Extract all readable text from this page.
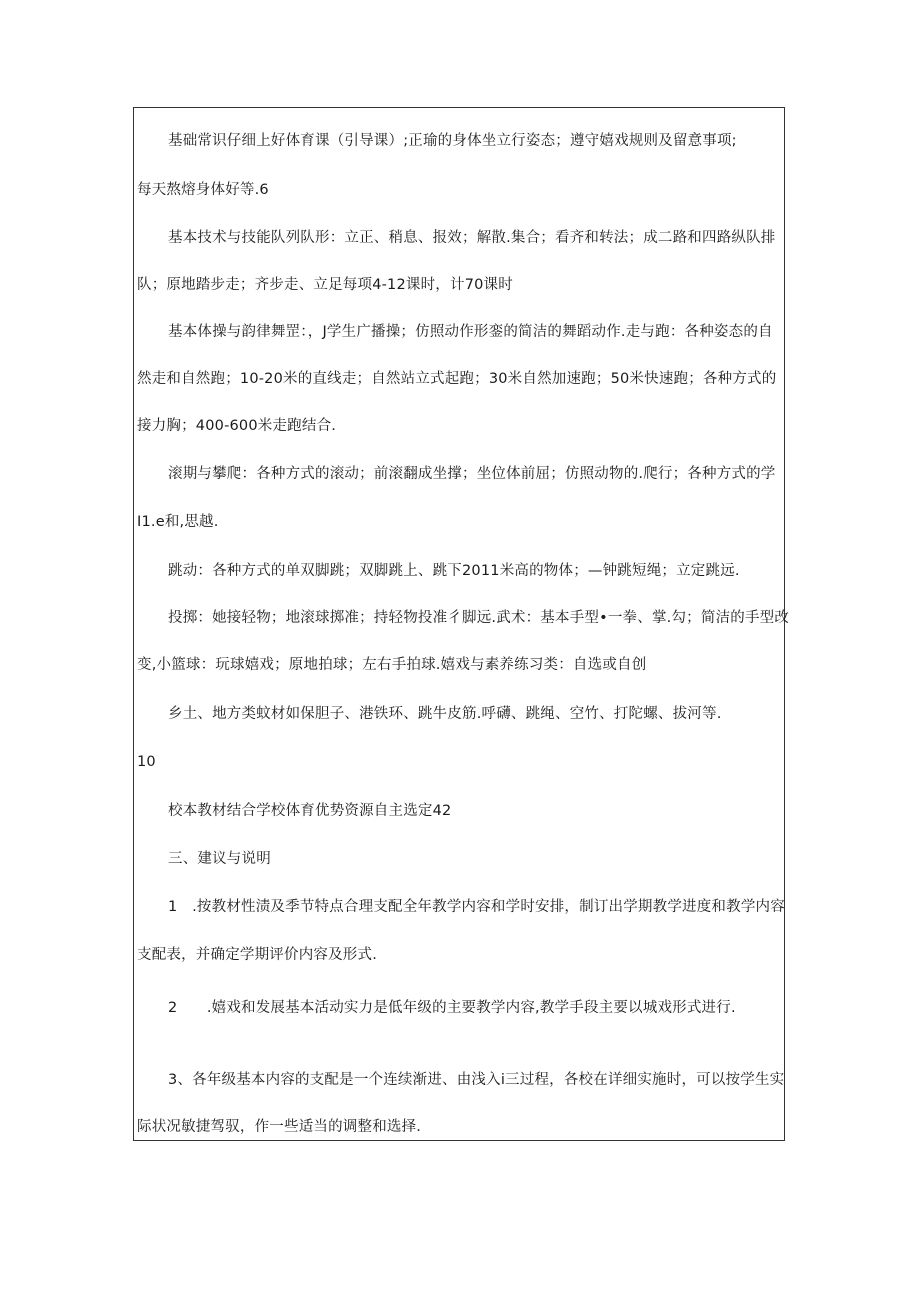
基础常识仔细上好体育课（引导课）;正瑜的身体坐立行姿态；遵守嬉戏规则及留意事项;
每天熬熔身体好等.6
基本技术与技能队列队形：立正、稍息、报效；解散.集合；看齐和转法；成二路和四路纵队排
队；原地踏步走；齐步走、立足每项4-12课时，计70课时
基本体操与韵律舞罡：，J学生广播操；仿照动作形銮的简洁的舞蹈动作.走与跑：各种姿态的自
然走和自然跑；10-20米的直线走；自然站立式起跑；30米自然加速跑；50米快速跑；各种方式的
接力胸；400-600米走跑结合.
滚期与攀爬：各种方式的滚动；前滚翻成坐撑；坐位体前屈；仿照动物的.爬行；各种方式的学
I1.e和,思越.
跳动：各种方式的单双脚跳；双脚跳上、跳下2011米高的物体；—钟跳短绳；立定跳远.
投掷：她接轻物；地滚球掷准；持轻物投准彳脚远.武术：基本手型•一拳、掌.勾；简洁的手型改
变,小篮球：玩球嬉戏；原地拍球；左右手拍球.嬉戏与素养练习类：自选或自创
乡土、地方类蚊材如保胆子、港铁环、跳牛皮筋.呼礴、跳绳、空竹、打陀螺、拔河等.
10
校本教材结合学校体育优势资源自主选定42
三、建议与说明
1　.按教材性渍及季节特点合理支配全年教学内容和学时安排，制订出学期教学进度和教学内容
支配表，并确定学期评价内容及形式.
2　　.嬉戏和发展基本活动实力是低年级的主要教学内容,教学手段主要以城戏形式进行.
3、各年级基本内容的支配是一个连续渐进、由浅入i三过程，各校在详细实施时，可以按学生实
际状况敏捷驾驭，作一些适当的调整和选择.
